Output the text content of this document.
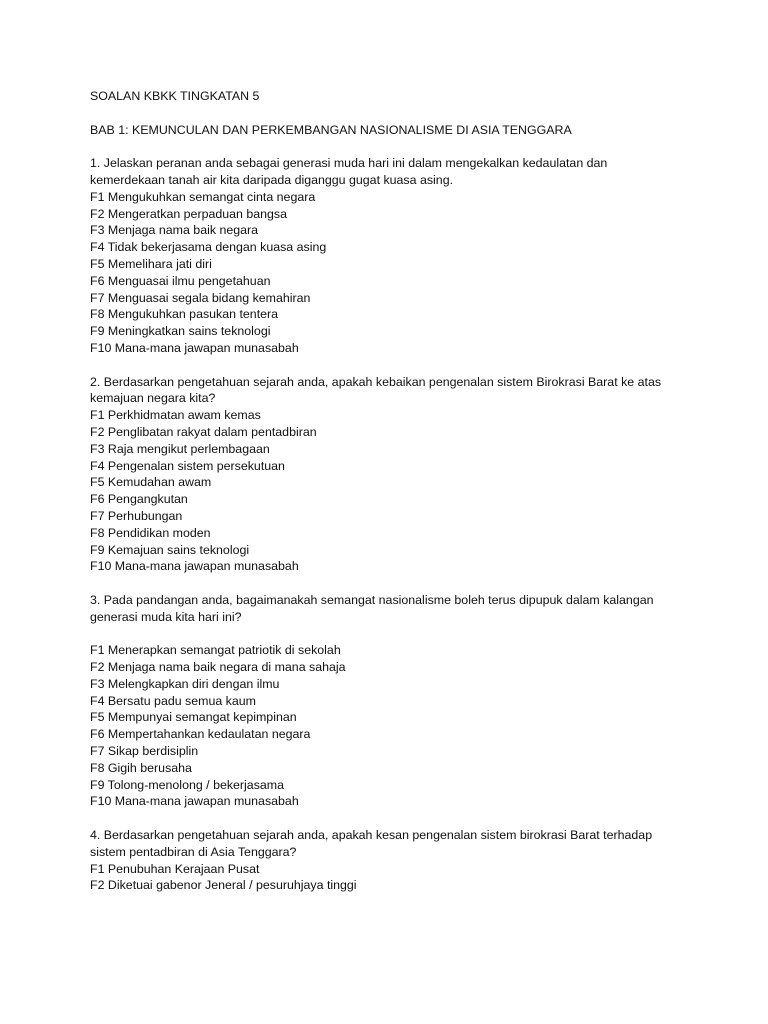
SOALAN KBKK TINGKATAN 5
BAB 1: KEMUNCULAN DAN PERKEMBANGAN NASIONALISME DI ASIA TENGGARA
1. Jelaskan peranan anda sebagai generasi muda hari ini dalam mengekalkan kedaulatan dan
kemerdekaan tanah air kita daripada diganggu gugat kuasa asing.
F1 Mengukuhkan semangat cinta negara
F2 Mengeratkan perpaduan bangsa
F3 Menjaga nama baik negara
F4 Tidak bekerjasama dengan kuasa asing
F5 Memelihara jati diri
F6 Menguasai ilmu pengetahuan
F7 Menguasai segala bidang kemahiran
F8 Mengukuhkan pasukan tentera
F9 Meningkatkan sains teknologi
F10 Mana-mana jawapan munasabah
2. Berdasarkan pengetahuan sejarah anda, apakah kebaikan pengenalan sistem Birokrasi Barat ke atas
kemajuan negara kita?
F1 Perkhidmatan awam kemas
F2 Penglibatan rakyat dalam pentadbiran
F3 Raja mengikut perlembagaan
F4 Pengenalan sistem persekutuan
F5 Kemudahan awam
F6 Pengangkutan
F7 Perhubungan
F8 Pendidikan moden
F9 Kemajuan sains teknologi
F10 Mana-mana jawapan munasabah
3. Pada pandangan anda, bagaimanakah semangat nasionalisme boleh terus dipupuk dalam kalangan
generasi muda kita hari ini?
F1 Menerapkan semangat patriotik di sekolah
F2 Menjaga nama baik negara di mana sahaja
F3 Melengkapkan diri dengan ilmu
F4 Bersatu padu semua kaum
F5 Mempunyai semangat kepimpinan
F6 Mempertahankan kedaulatan negara
F7 Sikap berdisiplin
F8 Gigih berusaha
F9 Tolong-menolong / bekerjasama
F10 Mana-mana jawapan munasabah
4. Berdasarkan pengetahuan sejarah anda, apakah kesan pengenalan sistem birokrasi Barat terhadap
sistem pentadbiran di Asia Tenggara?
F1 Penubuhan Kerajaan Pusat
F2 Diketuai gabenor Jeneral / pesuruhjaya tinggi
